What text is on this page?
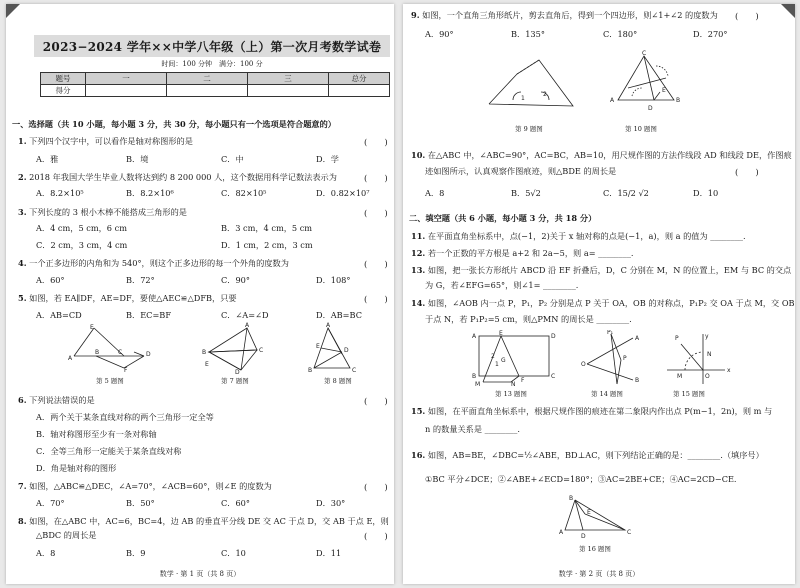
2023−2024 学年××中学八年级（上）第一次月考数学试卷
时间：100 分钟　满分：100 分
题号	一	二	三	总分
得分				
一、选择题（共 10 小题，每小题 3 分，共 30 分，每小题只有一个选项是符合题意的）
1. 下列四个汉字中，可以看作是轴对称图形的是	(　　)
A．雅	B．境	C．中	D．学
2. 2018 年我国大学生毕业人数将达到约 8 200 000 人，这个数据用科学记数法表示为	(　　)
A．8.2×10⁵	B．8.2×10⁶	C．82×10⁵	D．0.82×10⁷
3. 下列长度的 3 根小木棒不能搭成三角形的是	(　　)
A．4 cm，5 cm，6 cm	B．3 cm，4 cm，5 cm
C．2 cm，3 cm，4 cm	D．1 cm，2 cm，3 cm
4. 一个正多边形的内角和为 540°，则这个正多边形的每一个外角的度数为	(　　)
A．60°	B．72°	C．90°	D．108°
5. 如图，若 EA∥DF，AE=DF，要使△AEC≌△DFB，只要	(　　)
A．AB=CD	B．EC=BF	C．∠A=∠D	D．AB=BC
E
A
B	C	D
F
第 5 题图
B
A
C
D
E
第 7 题图
A
B	C
D
E
第 8 题图
6. 下列说法错误的是	(　　)
A．两个关于某条直线对称的两个三角形一定全等
B．轴对称图形至少有一条对称轴
C．全等三角形一定能关于某条直线对称
D．角是轴对称的图形
7. 如图，△ABC≌△DEC，∠A=70°，∠ACB=60°，则∠E 的度数为	(　　)
A．70°	B．50°	C．60°	D．30°
8. 如图，在△ABC 中，AC=6，BC=4，边 AB 的垂直平分线 DE 交 AC 于点 D，交 AB 于点 E，则
△BDC 的周长是	(　　)
A．8	B．9	C．10	D．11
数学 · 第 1 页（共 8 页）
9. 如图，一个直角三角形纸片，剪去直角后，得到一个四边形，则∠1+∠2 的度数为 (　　)
A．90°	B．135°	C．180°	D．270°
1
2
第 9 题图
A
C
D
B
E
第 10 题图
10. 在△ABC 中，∠ABC=90°，AC=BC，AB=10，用尺规作图的方法作线段 AD 和线段 DE，作图痕
迹如图所示，认真观察作图痕迹，则△BDE 的周长是	(　　)
A．8	B．5√2	C．15/2 √2	D．10
二、填空题（共 6 小题，每小题 3 分，共 18 分）
11. 在平面直角坐标系中，点(−1，2)关于 x 轴对称的点是(−1，a)，则 a 的值为 ________.
12. 若一个正数的平方根是 a+2 和 2a−5，则 a= ________.
13. 如图，把一张长方形纸片 ABCD 沿 EF 折叠后，D，C 分别在 M，N 的位置上，EM 与 BC 的交点
为 G，若∠EFG=65°，则∠1= ________.
14. 如图，∠AOB 内一点 P，P₁，P₂ 分别是点 P 关于 OA，OB 的对称点，P₁P₂ 交 OA 于点 M，交 OB
于点 N，若 P₁P₂=5 cm，则△PMN 的周长是 ________.
A	E	D
B
F
C
M	N
G
2
1
第 13 题图
O
P₁
A
P
B
第 14 题图
P	y
x
O
M
N
第 15 题图
15. 如图，在平面直角坐标系中，根据尺规作图的痕迹在第二象限内作出点 P(m−1，2n)，则 m 与
n 的数量关系是 ________.
16. 如图，AB=BE，∠DBC=½∠ABE，BD⊥AC，则下列结论正确的是：________.（填序号）
①BC 平分∠DCE；②∠ABE+∠ECD=180°；③AC=2BE+CE；④AC=2CD−CE.
B
E
A
D
C
第 16 题图
数学 · 第 2 页（共 8 页）
